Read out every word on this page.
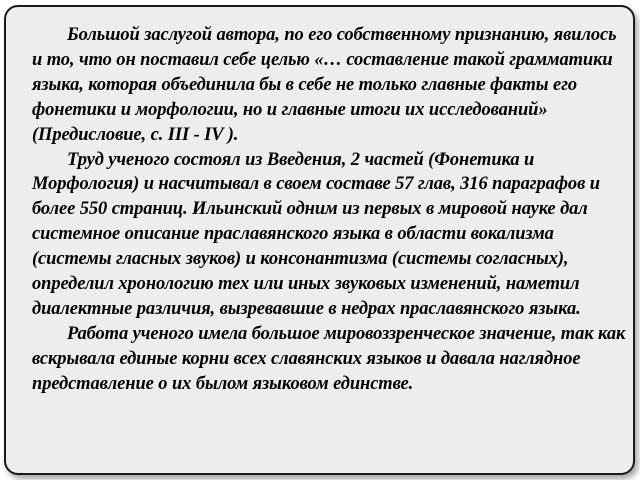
Большой заслугой автора, по его собственному признанию, явилось и то, что он поставил себе целью «… составление такой грамматики языка, которая объединила бы в себе не только главные факты его фонетики и морфологии, но и главные итоги их исследований» (Предисловие, с. III - IV ).

Труд ученого состоял из Введения, 2 частей (Фонетика и Морфология) и насчитывал в своем составе 57 глав, 316 параграфов и более 550 страниц. Ильинский одним из первых в мировой науке дал системное описание праславянского языка в области вокализма (системы гласных звуков) и консонантизма (системы согласных), определил хронологию тех или иных звуковых изменений, наметил диалектные различия, вызревавшие в недрах праславянского языка.

Работа ученого имела большое мировоззренческое значение, так как вскрывала единые корни всех славянских языков и давала наглядное представление о их былом языковом единстве.
